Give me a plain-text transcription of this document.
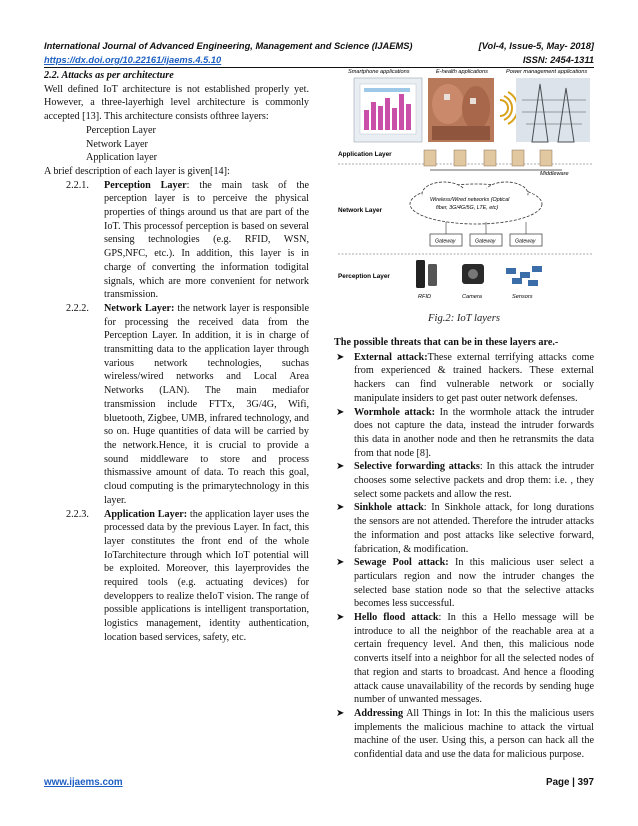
International Journal of Advanced Engineering, Management and Science (IJAEMS)	[Vol-4, Issue-5, May- 2018]
https://dx.doi.org/10.22161/ijaems.4.5.10	ISSN: 2454-1311
2.2. Attacks as per architecture
Well defined IoT architecture is not established properly yet. However, a three-layerhigh level architecture is commonly accepted [13]. This architecture consists ofthree layers:
Perception Layer
Network Layer
Application layer
A brief description of each layer is given[14]:
2.2.1. Perception Layer: the main task of the perception layer is to perceive the physical properties of things around us that are part of the IoT. This processof perception is based on several sensing technologies (e.g. RFID, WSN, GPS,NFC, etc.). In addition, this layer is in charge of converting the information todigital signals, which are more convenient for network transmission.
2.2.2. Network Layer: the network layer is responsible for processing the received data from the Perception Layer. In addition, it is in charge of transmitting data to the application layer through various network technologies, suchas wireless/wired networks and Local Area Networks (LAN). The main mediafor transmission include FTTx, 3G/4G, Wifi, bluetooth, Zigbee, UMB, infrared technology, and so on. Huge quantities of data will be carried by the network.Hence, it is crucial to provide a sound middleware to store and process thismassive amount of data. To reach this goal, cloud computing is the primarytechnology in this layer.
2.2.3. Application Layer: the application layer uses the processed data by the previous Layer. In fact, this layer constitutes the front end of the whole IoTarchitecture through which IoT potential will be exploited. Moreover, this layerprovides the required tools (e.g. actuating devices) for developpers to realize theIoT vision. The range of possible applications is intelligent transportation, logistics management, identity authentication, location based services, safety, etc.
Smartphone applications	E-health applications	Power management applications
Application Layer
Middleware
Network Layer
Wireless/Wired networks (Optical
fiber, 3G/4G/5G, LTE, etc)
Gateway	Gateway	Gateway
Perception Layer
RFID	Camera	Sensors
Fig.2: IoT layers
The possible threats that can be in these layers are.-
➤ External attack:These external terrifying attacks come from experienced & trained hackers. These external hackers can find vulnerable network or socially manipulate insiders to get past outer network defenses.
➤ Wormhole attack: In the wormhole attack the intruder does not capture the data, instead the intruder forwards this data in another node and then he retransmits the data from that node [8].
➤ Selective forwarding attacks: In this attack the intruder chooses some selective packets and drop them: i.e. , they select some packets and allow the rest.
➤ Sinkhole attack: In Sinkhole attack, for long durations the sensors are not attended. Therefore the intruder attacks the information and post attacks like selective forward, fabrication, & modification.
➤ Sewage Pool attack: In this malicious user select a particulars region and now the intruder changes the selected base station node so that the selective attacks becomes less successful.
➤ Hello flood attack: In this a Hello message will be introduce to all the neighbor of the reachable area at a certain frequency level. And then, this malicious node converts itself into a neighbor for all the selected nodes of that region and starts to broadcast. And hence a flooding attack cause unavailability of the records by sending huge number of unwanted messages.
➤ Addressing All Things in Iot: In this the malicious users implements the malicious machine to attack the virtual machine of the user. Using this, a person can hack all the confidential data and use the data for malicious purpose.
www.ijaems.com	Page | 397
